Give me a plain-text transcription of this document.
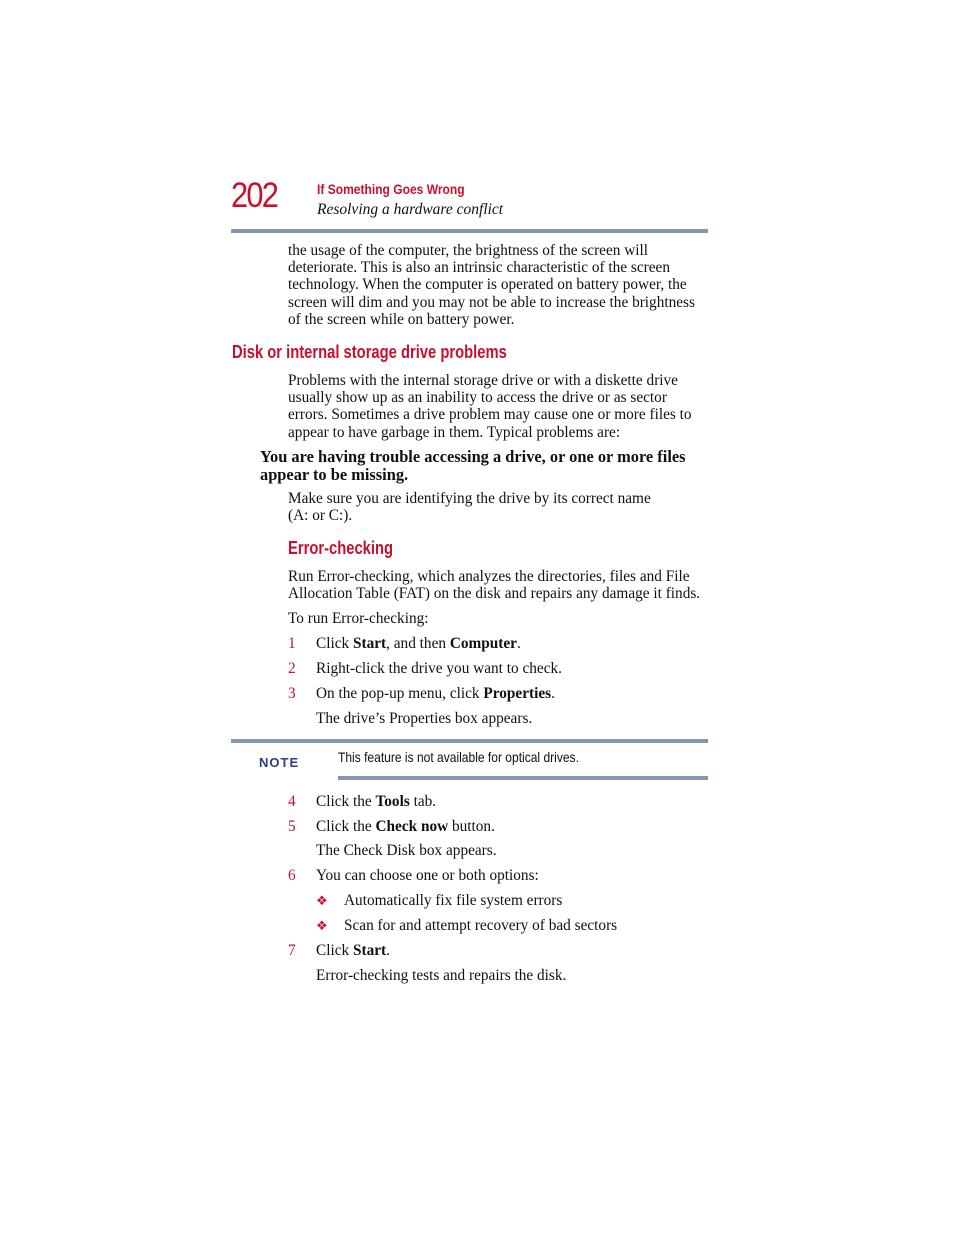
202	If Something Goes Wrong
Resolving a hardware conflict
the usage of the computer, the brightness of the screen will
deteriorate. This is also an intrinsic characteristic of the screen
technology. When the computer is operated on battery power, the
screen will dim and you may not be able to increase the brightness
of the screen while on battery power.
Disk or internal storage drive problems
Problems with the internal storage drive or with a diskette drive
usually show up as an inability to access the drive or as sector
errors. Sometimes a drive problem may cause one or more files to
appear to have garbage in them. Typical problems are:
You are having trouble accessing a drive, or one or more files
appear to be missing.
Make sure you are identifying the drive by its correct name
(A: or C:).
Error-checking
Run Error-checking, which analyzes the directories, files and File
Allocation Table (FAT) on the disk and repairs any damage it finds.
To run Error-checking:
1 Click Start, and then Computer.
2 Right-click the drive you want to check.
3 On the pop-up menu, click Properties.
The drive’s Properties box appears.
NOTE	This feature is not available for optical drives.
4 Click the Tools tab.
5 Click the Check now button.
The Check Disk box appears.
6 You can choose one or both options:
❖ Automatically fix file system errors
❖ Scan for and attempt recovery of bad sectors
7 Click Start.
Error-checking tests and repairs the disk.
